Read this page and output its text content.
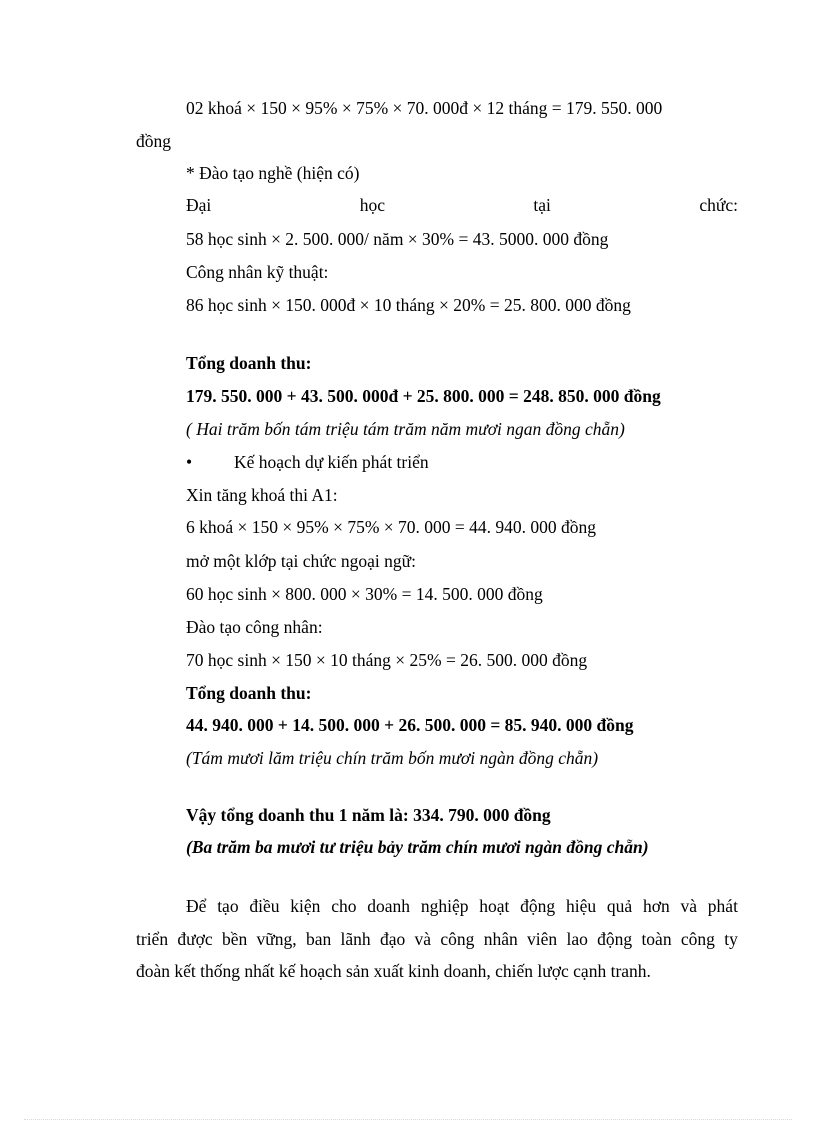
02 khoá × 150 × 95% × 75% × 70. 000đ × 12 tháng = 179. 550. 000
đồng
* Đào tạo nghề (hiện có)
Đại	học	tại	chức:
58 học sinh × 2. 500. 000/ năm × 30% = 43. 5000. 000 đồng
Công nhân kỹ thuật:
86 học sinh × 150. 000đ × 10 tháng × 20% = 25. 800. 000 đồng
Tổng doanh thu:
179. 550. 000 + 43. 500. 000đ + 25. 800. 000 = 248. 850. 000 đồng
( Hai trăm bốn tám triệu tám trăm năm mươi ngan đồng chẵn)
• Kế hoạch dự kiến phát triển
Xin tăng khoá thi A1:
6 khoá × 150 × 95% × 75% × 70. 000 = 44. 940. 000 đồng
mở một klớp tại chức ngoại ngữ:
60 học sinh × 800. 000 × 30% = 14. 500. 000 đồng
Đào tạo công nhân:
70 học sinh × 150 × 10 tháng × 25% = 26. 500. 000 đồng
Tổng doanh thu:
44. 940. 000 + 14. 500. 000 + 26. 500. 000 = 85. 940. 000 đồng
(Tám mươi lăm triệu chín trăm bốn mươi ngàn đồng chẵn)
Vậy tổng doanh thu 1 năm là: 334. 790. 000 đồng
(Ba trăm ba mươi tư triệu bảy trăm chín mươi ngàn đồng chẵn)
Để tạo điều kiện cho doanh nghiệp hoạt động hiệu quả hơn và phát
triển được bền vững, ban lãnh đạo và công nhân viên lao động toàn công ty
đoàn kết thống nhất kế hoạch sản xuất kinh doanh, chiến lược cạnh tranh.
